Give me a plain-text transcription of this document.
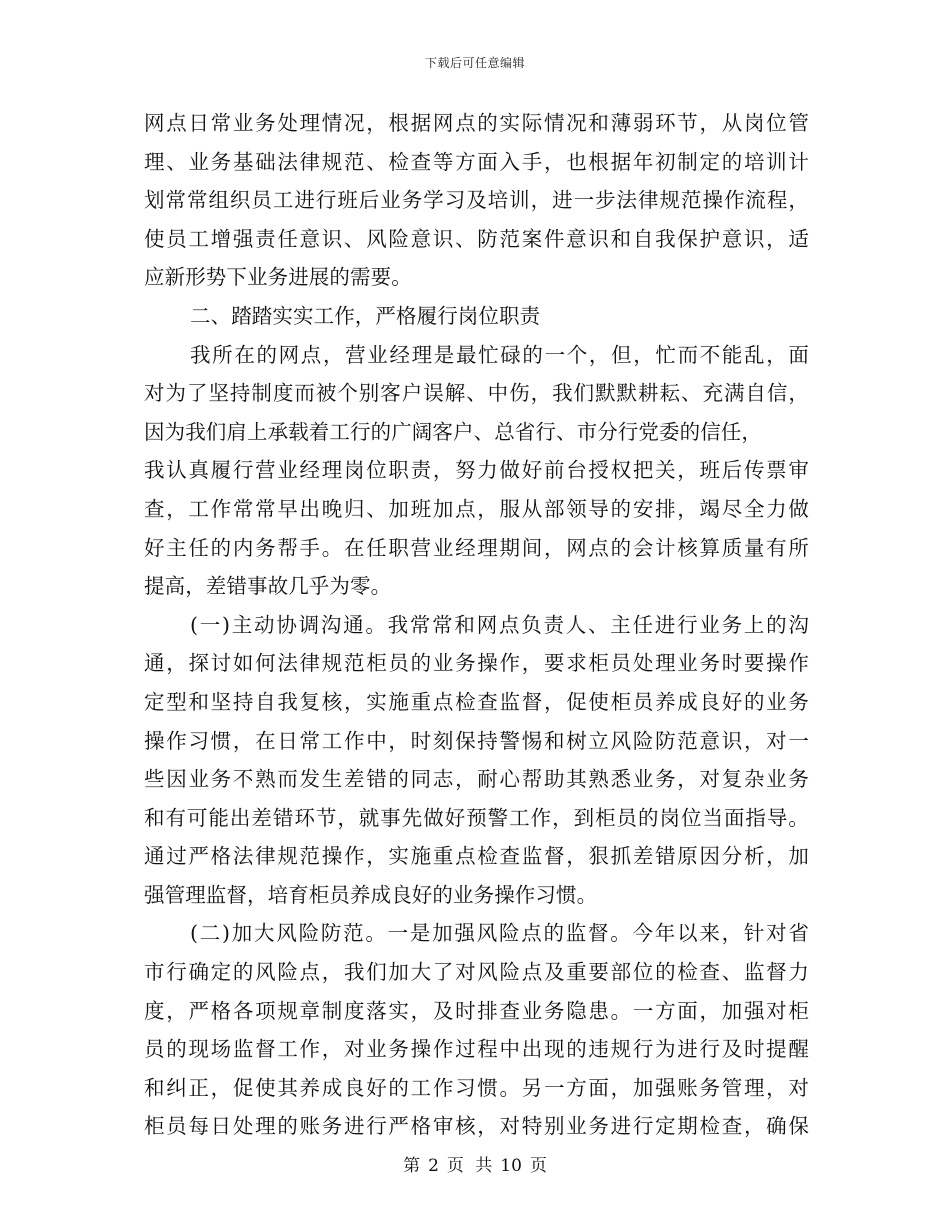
下载后可任意编辑
网点日常业务处理情况，根据网点的实际情况和薄弱环节，从岗位管
理、业务基础法律规范、检查等方面入手，也根据年初制定的培训计
划常常组织员工进行班后业务学习及培训，进一步法律规范操作流程，
使员工增强责任意识、风险意识、防范案件意识和自我保护意识，适
应新形势下业务进展的需要。
二、踏踏实实工作，严格履行岗位职责
我所在的网点，营业经理是最忙碌的一个，但，忙而不能乱，面
对为了坚持制度而被个别客户误解、中伤，我们默默耕耘、充满自信，
因为我们肩上承载着工行的广阔客户、总省行、市分行党委的信任，
我认真履行营业经理岗位职责，努力做好前台授权把关，班后传票审
查，工作常常早出晚归、加班加点，服从部领导的安排，竭尽全力做
好主任的内务帮手。在任职营业经理期间，网点的会计核算质量有所
提高，差错事故几乎为零。
(一)主动协调沟通。我常常和网点负责人、主任进行业务上的沟
通，探讨如何法律规范柜员的业务操作，要求柜员处理业务时要操作
定型和坚持自我复核，实施重点检查监督，促使柜员养成良好的业务
操作习惯，在日常工作中，时刻保持警惕和树立风险防范意识，对一
些因业务不熟而发生差错的同志，耐心帮助其熟悉业务，对复杂业务
和有可能出差错环节，就事先做好预警工作，到柜员的岗位当面指导。
通过严格法律规范操作，实施重点检查监督，狠抓差错原因分析，加
强管理监督，培育柜员养成良好的业务操作习惯。
(二)加大风险防范。一是加强风险点的监督。今年以来，针对省
市行确定的风险点，我们加大了对风险点及重要部位的检查、监督力
度，严格各项规章制度落实，及时排查业务隐患。一方面，加强对柜
员的现场监督工作，对业务操作过程中出现的违规行为进行及时提醒
和纠正，促使其养成良好的工作习惯。另一方面，加强账务管理，对
柜员每日处理的账务进行严格审核，对特别业务进行定期检查，确保
第 2 页 共 10 页
